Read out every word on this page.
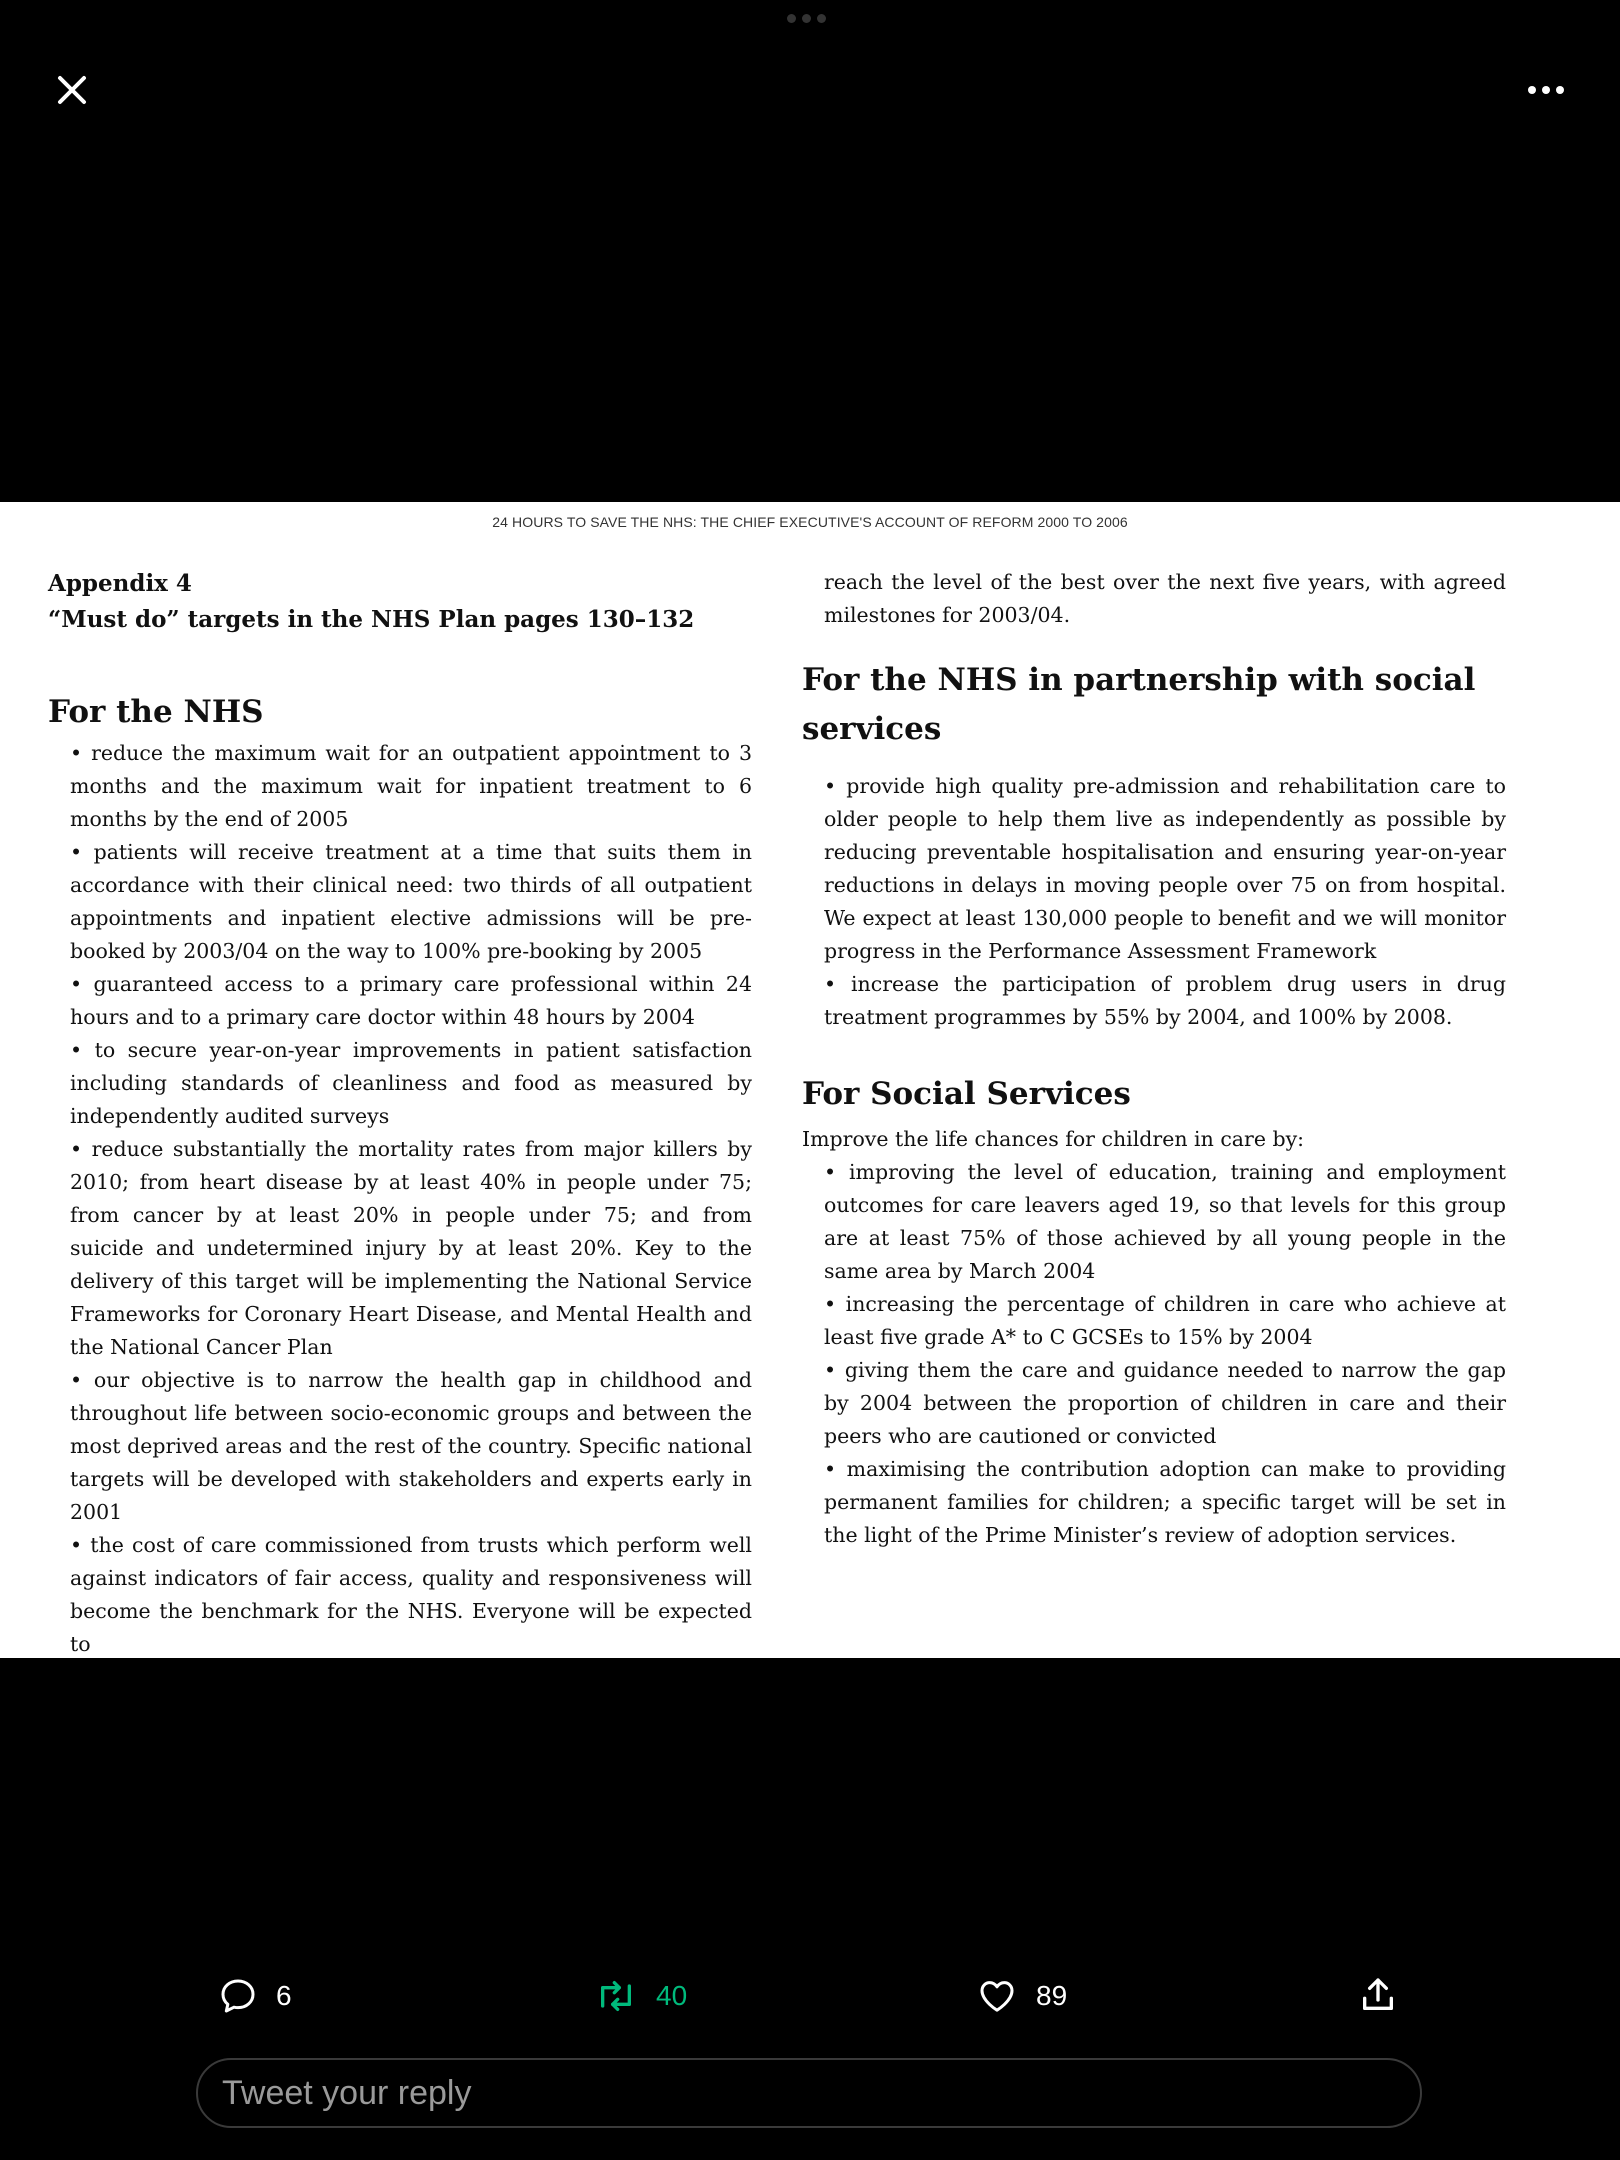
24 HOURS TO SAVE THE NHS: THE CHIEF EXECUTIVE'S ACCOUNT OF REFORM 2000 TO 2006

Appendix 4

“Must do” targets in the NHS Plan pages 130–132

For the NHS

• reduce the maximum wait for an outpatient appointment to 3 months and the maximum wait for inpatient treatment to 6 months by the end of 2005

• patients will receive treatment at a time that suits them in accordance with their clinical need: two thirds of all outpatient appointments and inpatient elective admissions will be pre-booked by 2003/04 on the way to 100% pre-booking by 2005

• guaranteed access to a primary care professional within 24 hours and to a primary care doctor within 48 hours by 2004

• to secure year-on-year improvements in patient satisfaction including standards of cleanliness and food as measured by independently audited surveys

• reduce substantially the mortality rates from major killers by 2010; from heart disease by at least 40% in people under 75; from cancer by at least 20% in people under 75; and from suicide and undetermined injury by at least 20%. Key to the delivery of this target will be implementing the National Service Frameworks for Coronary Heart Disease, and Mental Health and the National Cancer Plan

• our objective is to narrow the health gap in childhood and throughout life between socio-economic groups and between the most deprived areas and the rest of the country. Specific national targets will be developed with stakeholders and experts early in 2001

• the cost of care commissioned from trusts which perform well against indicators of fair access, quality and responsiveness will become the benchmark for the NHS. Everyone will be expected to

reach the level of the best over the next five years, with agreed milestones for 2003/04.

For the NHS in partnership with social services

• provide high quality pre-admission and rehabilitation care to older people to help them live as independently as possible by reducing preventable hospitalisation and ensuring year-on-year reductions in delays in moving people over 75 on from hospital. We expect at least 130,000 people to benefit and we will monitor progress in the Performance Assessment Framework

• increase the participation of problem drug users in drug treatment programmes by 55% by 2004, and 100% by 2008.

For Social Services

Improve the life chances for children in care by:

• improving the level of education, training and employment outcomes for care leavers aged 19, so that levels for this group are at least 75% of those achieved by all young people in the same area by March 2004

• increasing the percentage of children in care who achieve at least five grade A* to C GCSEs to 15% by 2004

• giving them the care and guidance needed to narrow the gap by 2004 between the proportion of children in care and their peers who are cautioned or convicted

• maximising the contribution adoption can make to providing permanent families for children; a specific target will be set in the light of the Prime Minister’s review of adoption services.

6	40	89
Tweet your reply
